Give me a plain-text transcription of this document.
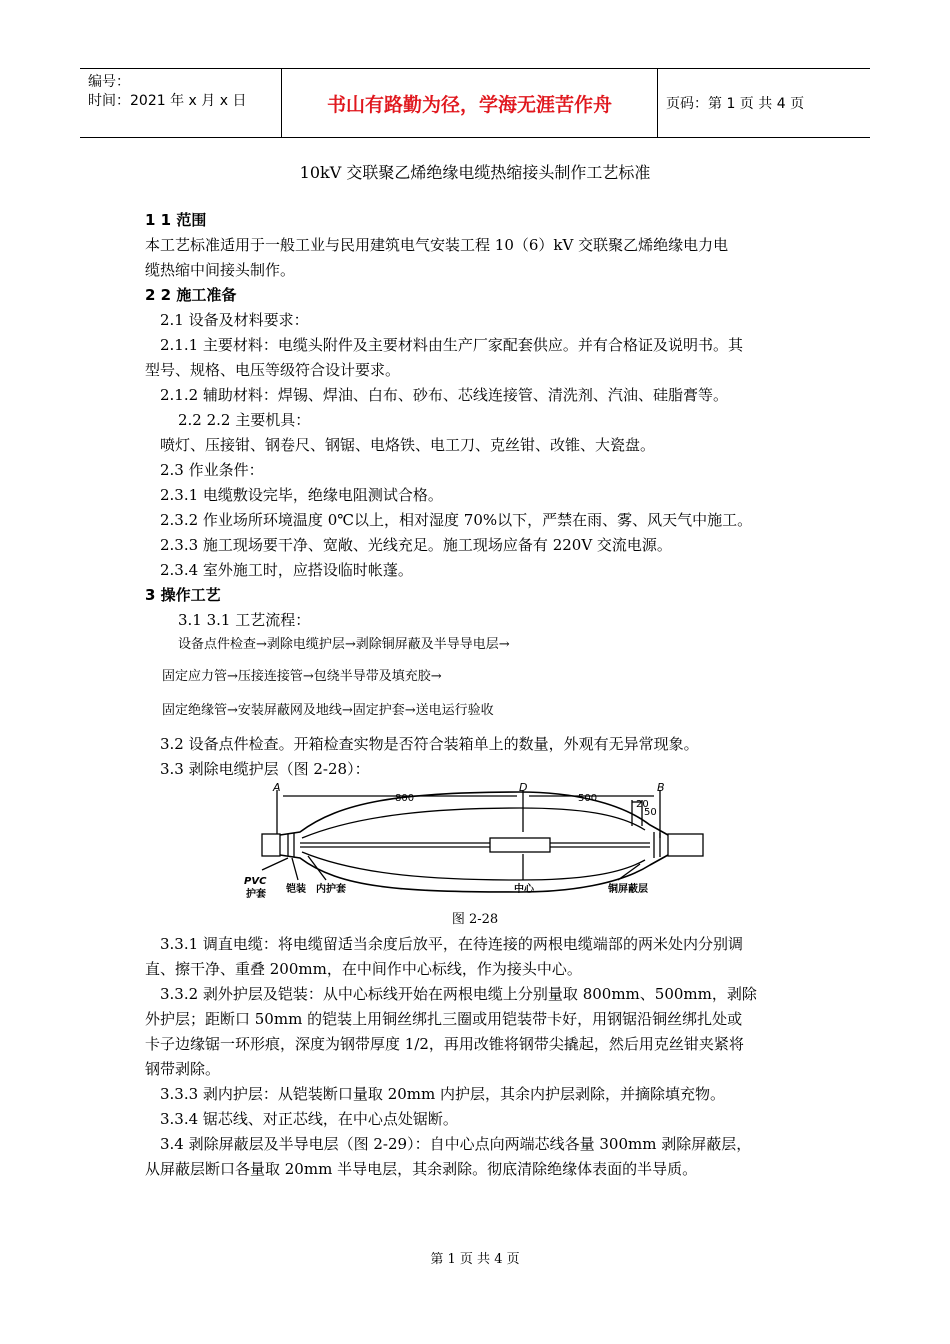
编号：
时间：2021 年 x 月 x 日	书山有路勤为径，学海无涯苦作舟	页码：第 1 页 共 4 页
10kV 交联聚乙烯绝缘电缆热缩接头制作工艺标准
1 1 范围
本工艺标准适用于一般工业与民用建筑电气安装工程 10（6）kV 交联聚乙烯绝缘电力电
缆热缩中间接头制作。
2 2 施工准备
2.1 设备及材料要求：
2.1.1 主要材料：电缆头附件及主要材料由生产厂家配套供应。并有合格证及说明书。其
型号、规格、电压等级符合设计要求。
2.1.2 辅助材料：焊锡、焊油、白布、砂布、芯线连接管、清洗剂、汽油、硅脂膏等。
2.2 2.2 主要机具：
喷灯、压接钳、钢卷尺、钢锯、电烙铁、电工刀、克丝钳、改锥、大瓷盘。
2.3 作业条件：
2.3.1 电缆敷设完毕，绝缘电阻测试合格。
2.3.2 作业场所环境温度 0℃以上，相对湿度 70%以下，严禁在雨、雾、风天气中施工。
2.3.3 施工现场要干净、宽敞、光线充足。施工现场应备有 220V 交流电源。
2.3.4 室外施工时，应搭设临时帐蓬。
3 操作工艺
3.1 3.1 工艺流程：
设备点件检查→剥除电缆护层→剥除铜屏蔽及半导导电层→
固定应力管→压接连接管→包绕半导带及填充胶→
固定绝缘管→安装屏蔽网及地线→固定护套→送电运行验收
3.2 设备点件检查。开箱检查实物是否符合装箱单上的数量，外观有无异常现象。
3.3 剥除电缆护层（图 2-28）：
A	D	B
800	500
20
50
PVC
护套 铠装 内护套	中心	铜屏蔽层
图 2-28
3.3.1 调直电缆：将电缆留适当余度后放平，在待连接的两根电缆端部的两米处内分别调
直、擦干净、重叠 200mm，在中间作中心标线，作为接头中心。
3.3.2 剥外护层及铠装：从中心标线开始在两根电缆上分别量取 800mm、500mm，剥除
外护层；距断口 50mm 的铠装上用铜丝绑扎三圈或用铠装带卡好，用钢锯沿铜丝绑扎处或
卡子边缘锯一环形痕，深度为钢带厚度 1/2，再用改锥将钢带尖撬起，然后用克丝钳夹紧将
钢带剥除。
3.3.3 剥内护层：从铠装断口量取 20mm 内护层，其余内护层剥除，并摘除填充物。
3.3.4 锯芯线、对正芯线，在中心点处锯断。
3.4 剥除屏蔽层及半导电层（图 2-29）：自中心点向两端芯线各量 300mm 剥除屏蔽层，
从屏蔽层断口各量取 20mm 半导电层，其余剥除。彻底清除绝缘体表面的半导质。
第 1 页 共 4 页
